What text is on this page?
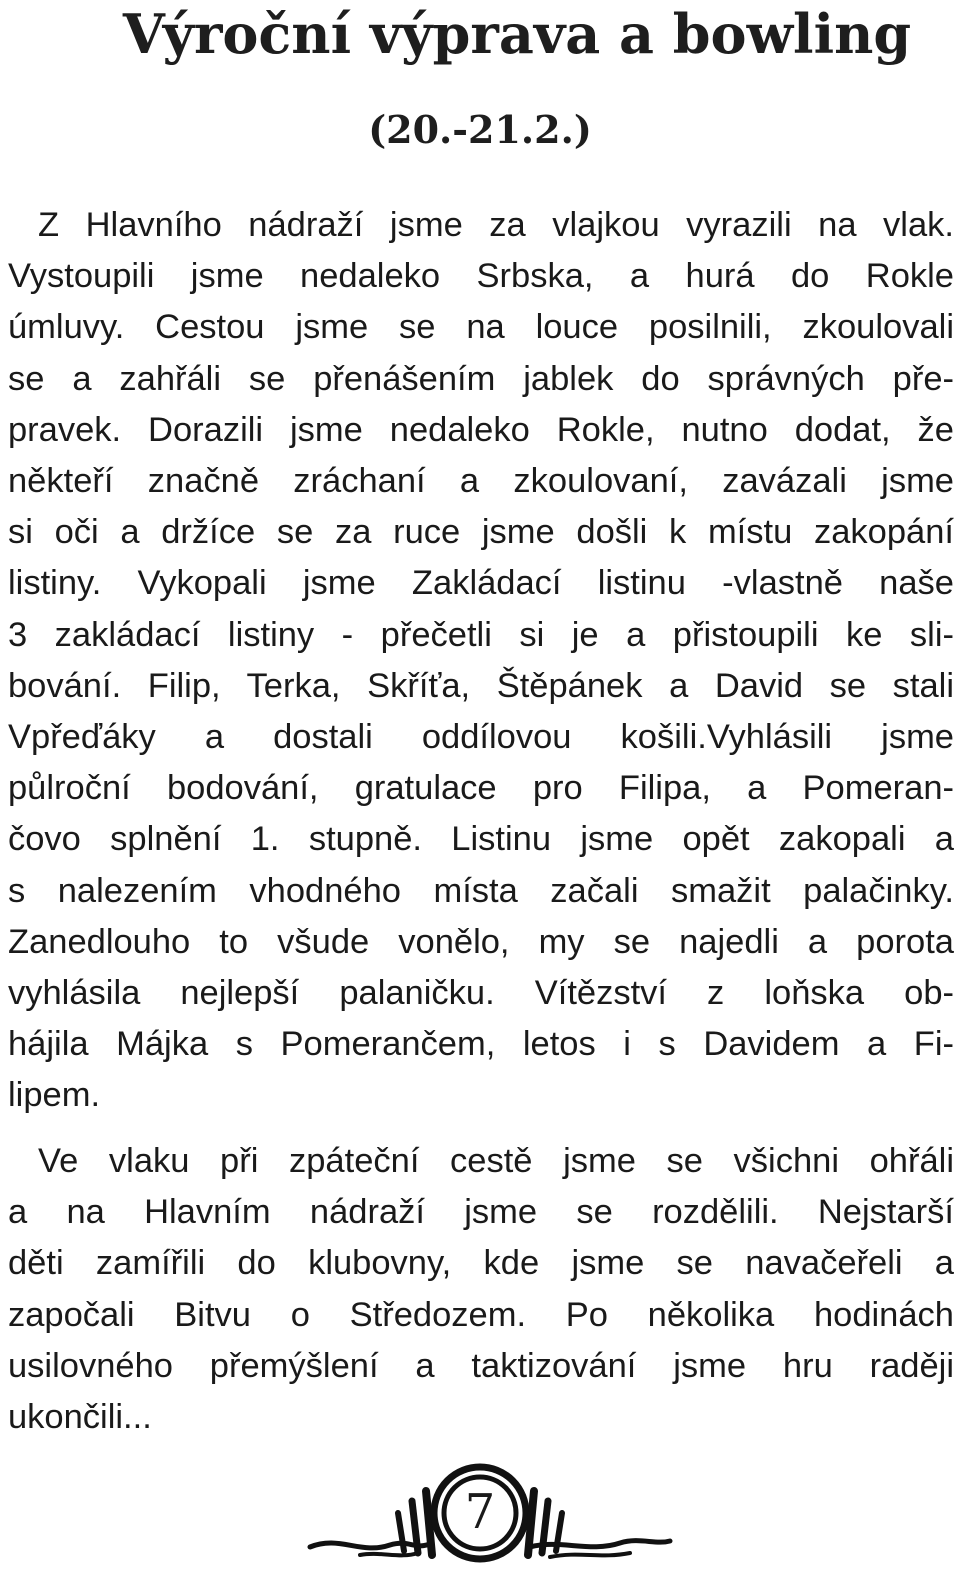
Výroční výprava a bowling
(20.-21.2.)
Z Hlavního nádraží jsme za vlajkou vyrazili na vlak.
Vystoupili jsme nedaleko Srbska, a hurá do Rokle
úmluvy. Cestou jsme se na louce posilnili, zkoulovali
se a zahřáli se přenášením jablek do správných pře-
pravek. Dorazili jsme nedaleko Rokle, nutno dodat, že
někteří značně zráchaní a zkoulovaní, zavázali jsme
si oči a držíce se za ruce jsme došli k místu zakopání
listiny. Vykopali jsme Zakládací listinu -vlastně naše
3 zakládací listiny - přečetli si je a přistoupili ke sli-
bování. Filip, Terka, Skříťa, Štěpánek a David se stali
Vpřeďáky a dostali oddílovou košili.Vyhlásili jsme
půlroční bodování, gratulace pro Filipa, a Pomeran-
čovo splnění 1. stupně. Listinu jsme opět zakopali a
s nalezením vhodného místa začali smažit palačinky.
Zanedlouho to všude vonělo, my se najedli a porota
vyhlásila nejlepší palaničku. Vítězství z loňska ob-
hájila Májka s Pomerančem, letos i s Davidem a Fi-
lipem.
Ve vlaku při zpáteční cestě jsme se všichni ohřáli
a na Hlavním nádraží jsme se rozdělili. Nejstarší
děti zamířili do klubovny, kde jsme se navačeřeli a
započali Bitvu o Středozem. Po několika hodinách
usilovného přemýšlení a taktizování jsme hru raději
ukončili...
7
